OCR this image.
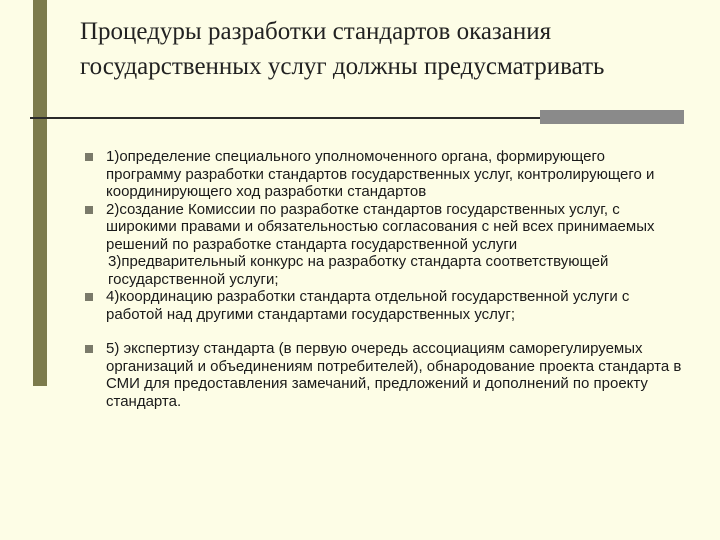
Процедуры разработки стандартов оказания государственных услуг должны предусматривать
1)определение специального уполномоченного органа, формирующего программу разработки стандартов государственных услуг, контролирующего и координирующего ход разработки стандартов
2)создание Комиссии по разработке стандартов государственных услуг, с широкими правами и обязательностью согласования с ней всех принимаемых решений по разработке стандарта государственной услуги
3)предварительный конкурс на разработку стандарта соответствующей государственной услуги;
4)координацию разработки стандарта отдельной государственной услуги с работой над другими стандартами государственных услуг;
5) экспертизу стандарта (в первую очередь ассоциациям саморегулируемых организаций и объединениям потребителей), обнародование проекта стандарта в СМИ для предоставления замечаний, предложений и дополнений по проекту стандарта.
